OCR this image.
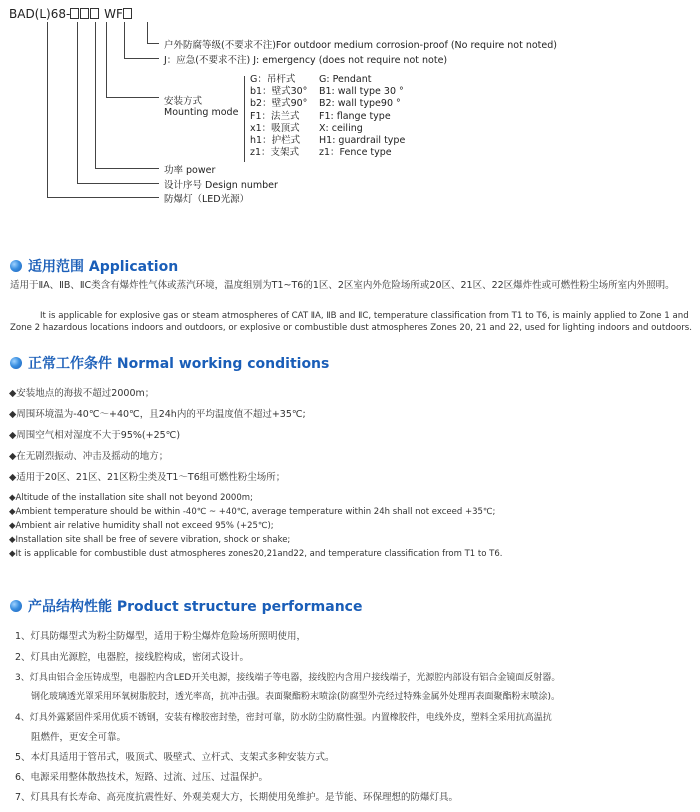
BAD(L)68-	WF
户外防腐等级(不要求不注)For outdoor medium corrosion-proof (No require not noted)
J：应急(不要求不注) J: emergency (does not require not note)
安装方式
Mounting mode
G：吊杆式
b1：壁式30°
b2：壁式90°
F1：法兰式
x1：吸顶式
h1：护栏式
z1：支架式
G: Pendant
B1: wall type 30 °
B2: wall type90 °
F1: flange type
X: ceiling
H1: guardrail type
z1：Fence type
功率 power
设计序号 Design number
防爆灯（LED光源）
适用范围 Application
适用于ⅡA、ⅡB、ⅡC类含有爆炸性气体或蒸汽环境，温度组别为T1~T6的1区、2区室内外危险场所或20区、21区、22区爆炸性或可燃性粉尘场所室内外照明。
It is applicable for explosive gas or steam atmospheres of CAT ⅡA, ⅡB and ⅡC, temperature classification from T1 to T6, is mainly applied to Zone 1 and Zone 2 hazardous locations indoors and outdoors, or explosive or combustible dust atmospheres Zones 20, 21 and 22, used for lighting indoors and outdoors.
正常工作条件 Normal working conditions
◆安装地点的海拔不超过2000m；
◆周围环境温为-40℃～+40℃，且24h内的平均温度值不超过+35℃;
◆周围空气相对湿度不大于95%(+25℃)
◆在无剧烈振动、冲击及摇动的地方；
◆适用于20区、21区、21区粉尘类及T1～T6组可燃性粉尘场所；
◆Altitude of the installation site shall not beyond 2000m;
◆Ambient temperature should be within -40℃ ~ +40℃, average temperature within 24h shall not exceed +35℃;
◆Ambient air relative humidity shall not exceed 95% (+25℃);
◆Installation site shall be free of severe vibration, shock or shake;
◆It is applicable for combustible dust atmospheres zones20,21and22, and temperature classification from T1 to T6.
产品结构性能 Product structure performance
1、灯具防爆型式为粉尘防爆型，适用于粉尘爆炸危险场所照明使用，
2、灯具由光源腔，电器腔，接线腔构成，密闭式设计。
3、灯具由铝合金压铸成型，电器腔内含LED开关电源，接线端子等电器，接线腔内含用户接线端子，光源腔内部设有铝合金镜面反射器。
钢化玻璃透光罩采用环氧树脂胶封，透光率高，抗冲击强。表面聚酯粉末喷涂(防腐型外壳经过特殊金属外处理再表面聚酯粉末喷涂)。
4、灯具外露紧固件采用优质不锈钢，安装有橡胶密封垫，密封可靠，防水防尘防腐性强。内置橡胶件，电线外皮，塑料全采用抗高温抗
阻燃件，更安全可靠。
5、本灯具适用于管吊式，吸顶式、吸壁式、立杆式、支架式多种安装方式。
6、电源采用整体散热技术，短路、过流、过压、过温保护。
7、灯具具有长寿命、高亮度抗震性好、外观美观大方，长期使用免维护。是节能、环保理想的防爆灯具。
